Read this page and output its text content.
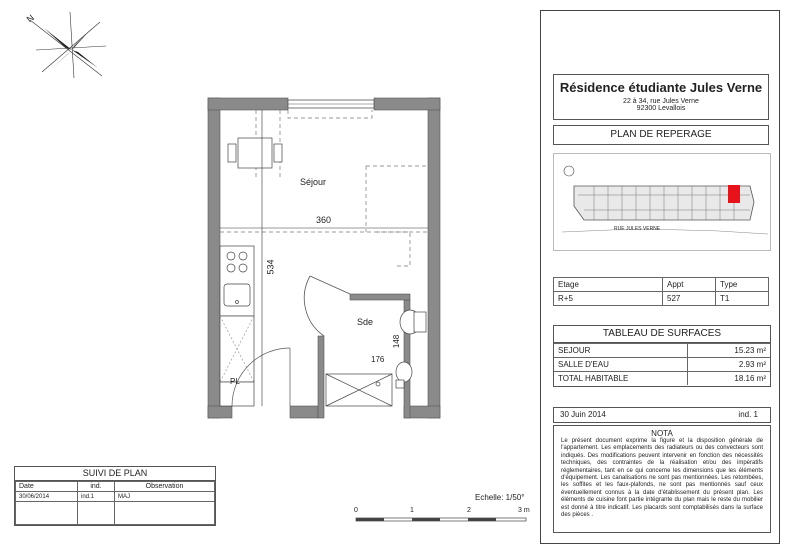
N
Séjour
Sde
PL
360
534
176
148
Echelle: 1/50°
0	1	2	3 m
SUIVI DE PLAN
Date	ind.	Observation
30/06/2014	ind.1	MAJ

Résidence étudiante Jules Verne
22 à 34, rue Jules Verne
92300 Levallois
PLAN DE REPERAGE
RUE JULES VERNE
Etage	Appt	Type
R+5	527	T1
TABLEAU DE SURFACES
SEJOUR	15.23 m²
SALLE D'EAU	2.93 m²
TOTAL HABITABLE	18.16 m²
30 Juin 2014	ind. 1
NOTA
Le présent document exprime la figure et la disposition générale de l'appartement. Les emplacements des radiateurs ou des convecteurs sont indiqués. Des modifications peuvent intervenir en fonction des nécessités techniques, des contraintes de la réalisation et/ou des impératifs réglementaires, tant en ce qui concerne les dimensions que les éléments d'équipement. Les canalisations ne sont pas mentionnées. Les retombées, les soffites et les faux-plafonds, ne sont pas mentionnés sauf ceux éventuellement connus à la date d'établissement du présent plan. Les éléments de cuisine font partie intégrante du plan mais le reste du mobilier est donné à titre indicatif. Les placards sont comptabilisés dans la surface des pièces .
